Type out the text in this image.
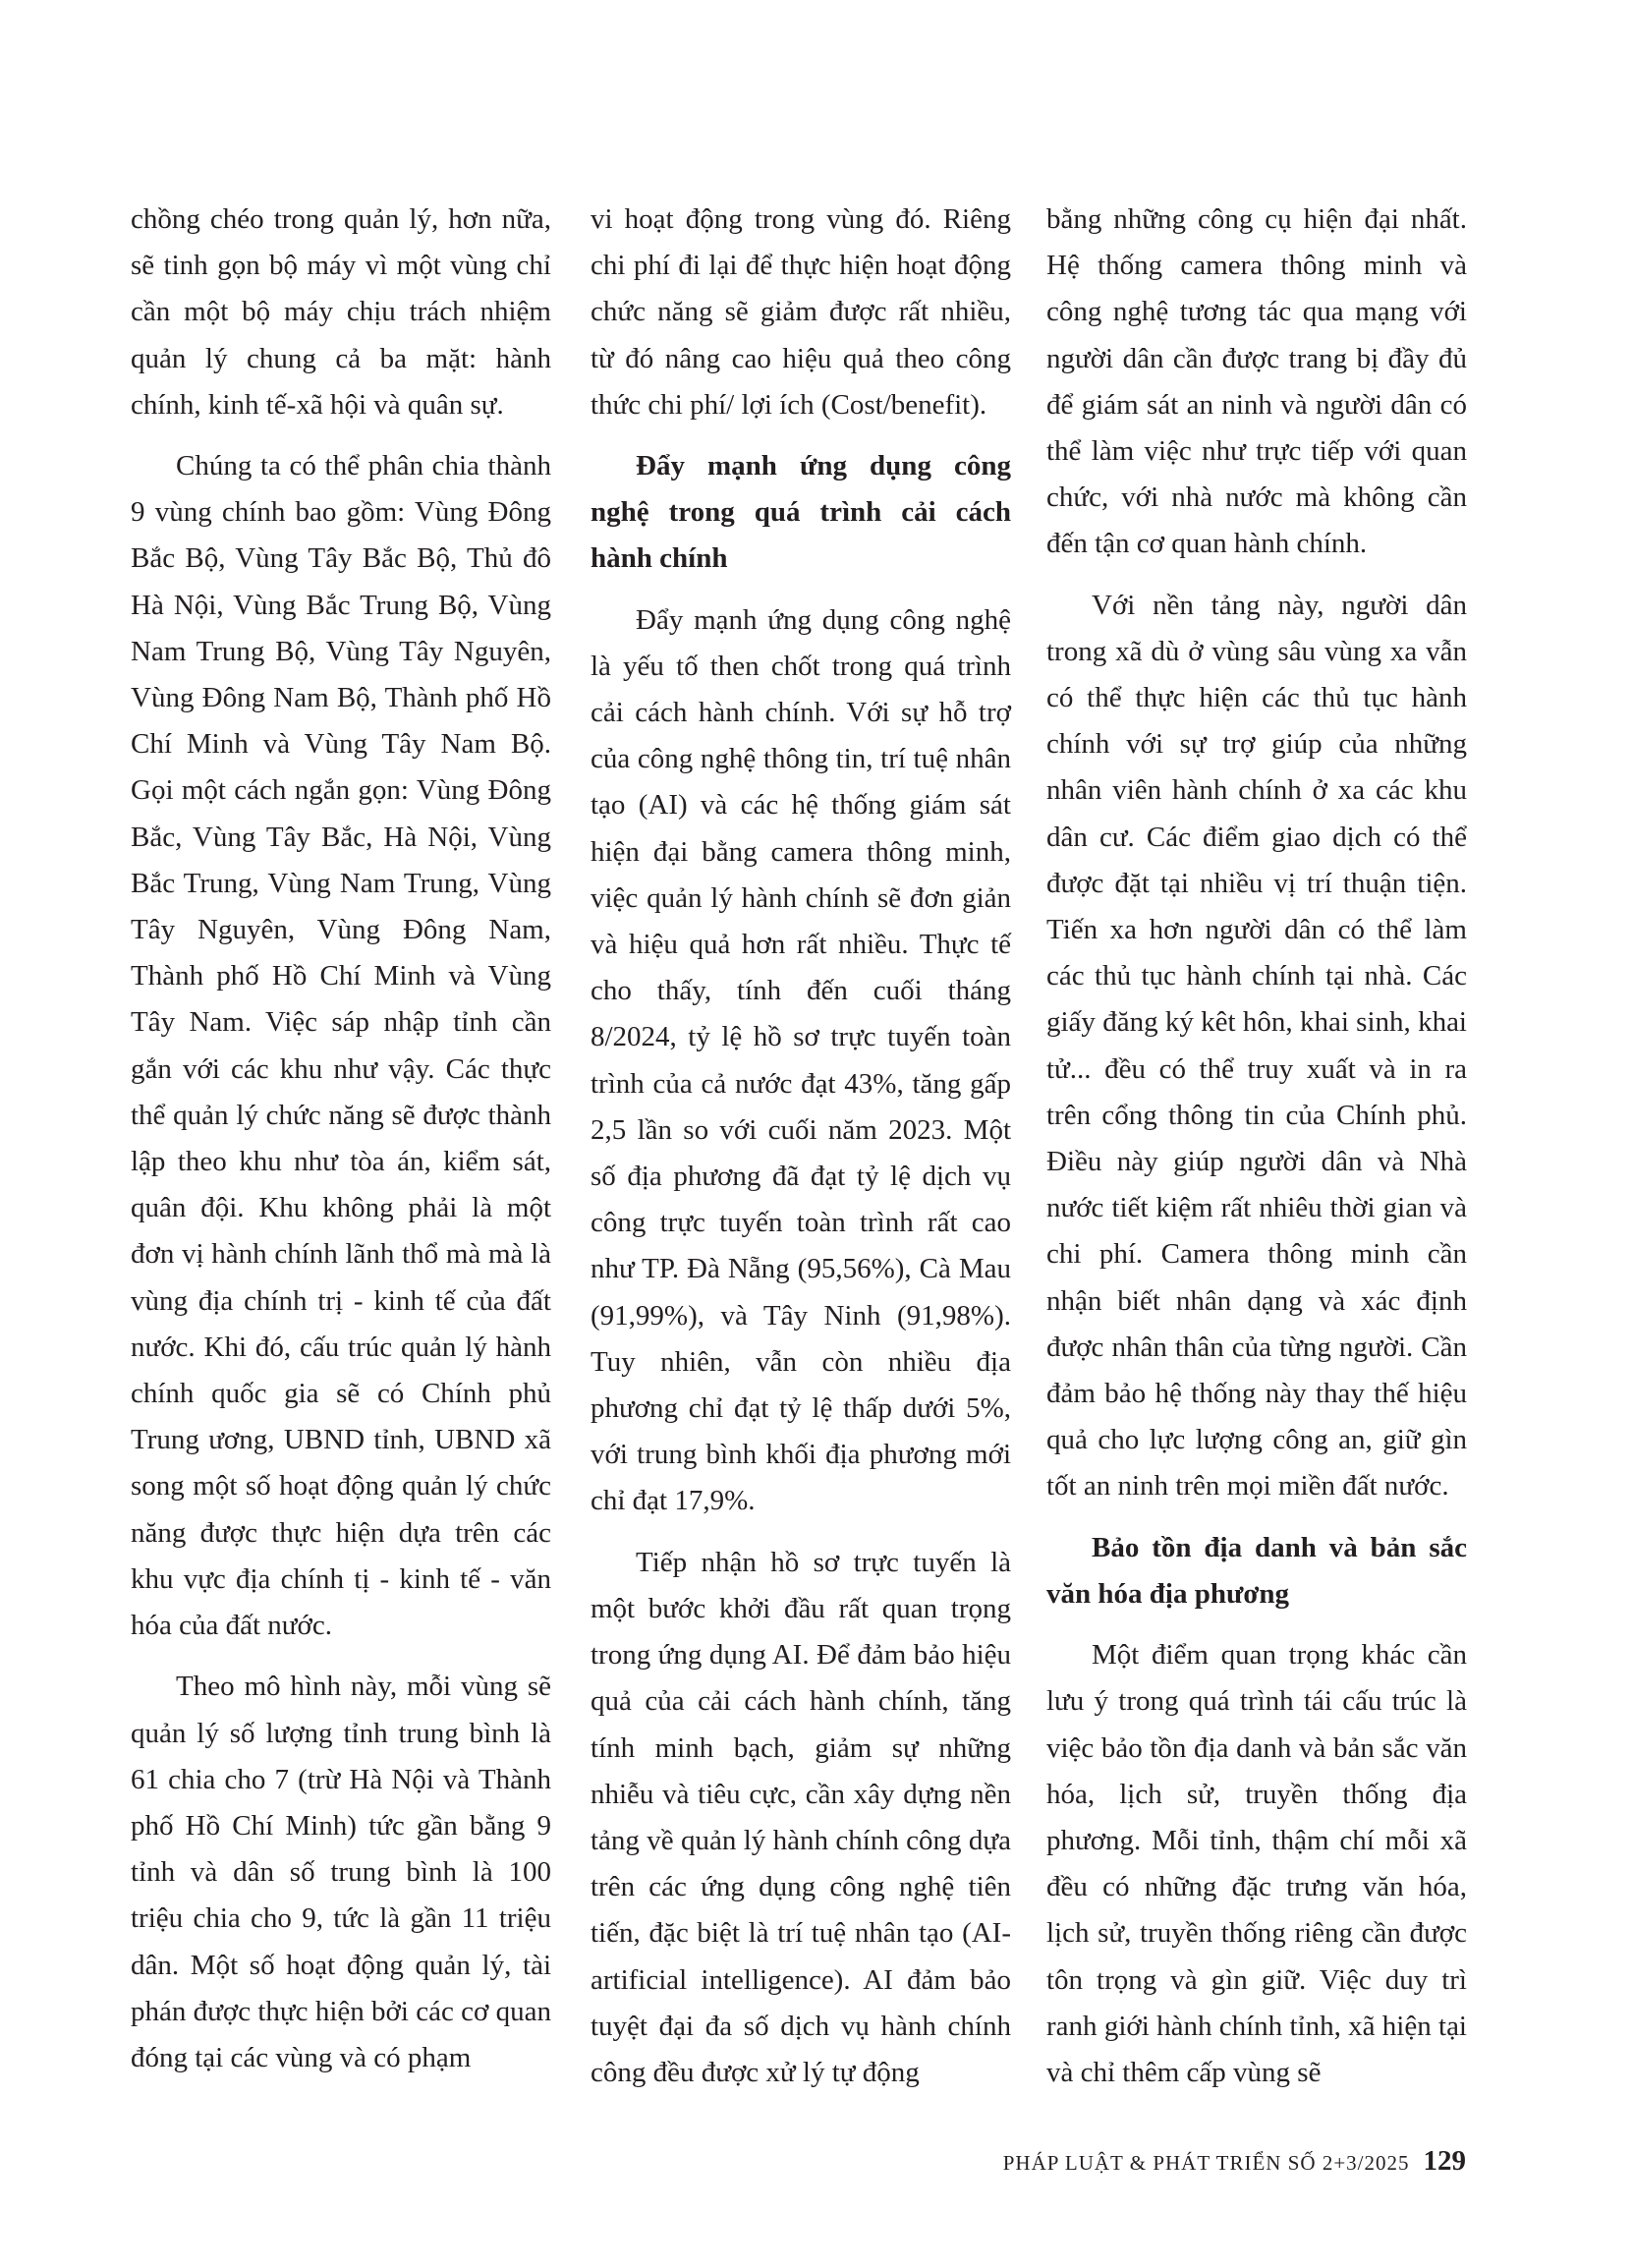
chồng chéo trong quản lý, hơn nữa, sẽ tinh gọn bộ máy vì một vùng chỉ cần một bộ máy chịu trách nhiệm quản lý chung cả ba mặt: hành chính, kinh tế-xã hội và quân sự.

Chúng ta có thể phân chia thành 9 vùng chính bao gồm: Vùng Đông Bắc Bộ, Vùng Tây Bắc Bộ, Thủ đô Hà Nội, Vùng Bắc Trung Bộ, Vùng Nam Trung Bộ, Vùng Tây Nguyên, Vùng Đông Nam Bộ, Thành phố Hồ Chí Minh và Vùng Tây Nam Bộ. Gọi một cách ngắn gọn: Vùng Đông Bắc, Vùng Tây Bắc, Hà Nội, Vùng Bắc Trung, Vùng Nam Trung, Vùng Tây Nguyên, Vùng Đông Nam, Thành phố Hồ Chí Minh và Vùng Tây Nam. Việc sáp nhập tỉnh cần gắn với các khu như vậy. Các thực thể quản lý chức năng sẽ được thành lập theo khu như tòa án, kiểm sát, quân đội. Khu không phải là một đơn vị hành chính lãnh thổ mà mà là vùng địa chính trị - kinh tế của đất nước. Khi đó, cấu trúc quản lý hành chính quốc gia sẽ có Chính phủ Trung ương, UBND tỉnh, UBND xã song một số hoạt động quản lý chức năng được thực hiện dựa trên các khu vực địa chính tị - kinh tế - văn hóa của đất nước.

Theo mô hình này, mỗi vùng sẽ quản lý số lượng tỉnh trung bình là 61 chia cho 7 (trừ Hà Nội và Thành phố Hồ Chí Minh) tức gần bằng 9 tỉnh và dân số trung bình là 100 triệu chia cho 9, tức là gần 11 triệu dân. Một số hoạt động quản lý, tài phán được thực hiện bởi các cơ quan đóng tại các vùng và có phạm

vi hoạt động trong vùng đó. Riêng chi phí đi lại để thực hiện hoạt động chức năng sẽ giảm được rất nhiều, từ đó nâng cao hiệu quả theo công thức chi phí/ lợi ích (Cost/benefit).

Đẩy mạnh ứng dụng công nghệ trong quá trình cải cách hành chính

Đẩy mạnh ứng dụng công nghệ là yếu tố then chốt trong quá trình cải cách hành chính. Với sự hỗ trợ của công nghệ thông tin, trí tuệ nhân tạo (AI) và các hệ thống giám sát hiện đại bằng camera thông minh, việc quản lý hành chính sẽ đơn giản và hiệu quả hơn rất nhiều. Thực tế cho thấy, tính đến cuối tháng 8/2024, tỷ lệ hồ sơ trực tuyến toàn trình của cả nước đạt 43%, tăng gấp 2,5 lần so với cuối năm 2023. Một số địa phương đã đạt tỷ lệ dịch vụ công trực tuyến toàn trình rất cao như TP. Đà Nẵng (95,56%), Cà Mau (91,99%), và Tây Ninh (91,98%). Tuy nhiên, vẫn còn nhiều địa phương chỉ đạt tỷ lệ thấp dưới 5%, với trung bình khối địa phương mới chỉ đạt 17,9%.

Tiếp nhận hồ sơ trực tuyến là một bước khởi đầu rất quan trọng trong ứng dụng AI. Để đảm bảo hiệu quả của cải cách hành chính, tăng tính minh bạch, giảm sự những nhiễu và tiêu cực, cần xây dựng nền tảng về quản lý hành chính công dựa trên các ứng dụng công nghệ tiên tiến, đặc biệt là trí tuệ nhân tạo (AI- artificial intelligence). AI đảm bảo tuyệt đại đa số dịch vụ hành chính công đều được xử lý tự động

bằng những công cụ hiện đại nhất. Hệ thống camera thông minh và công nghệ tương tác qua mạng với người dân cần được trang bị đầy đủ để giám sát an ninh và người dân có thể làm việc như trực tiếp với quan chức, với nhà nước mà không cần đến tận cơ quan hành chính.

Với nền tảng này, người dân trong xã dù ở vùng sâu vùng xa vẫn có thể thực hiện các thủ tục hành chính với sự trợ giúp của những nhân viên hành chính ở xa các khu dân cư. Các điểm giao dịch có thể được đặt tại nhiều vị trí thuận tiện. Tiến xa hơn người dân có thể làm các thủ tục hành chính tại nhà. Các giấy đăng ký kêt hôn, khai sinh, khai tử... đều có thể truy xuất và in ra trên cổng thông tin của Chính phủ. Điều này giúp người dân và Nhà nước tiết kiệm rất nhiêu thời gian và chi phí. Camera thông minh cần nhận biết nhân dạng và xác định được nhân thân của từng người. Cần đảm bảo hệ thống này thay thế hiệu quả cho lực lượng công an, giữ gìn tốt an ninh trên mọi miền đất nước.

Bảo tồn địa danh và bản sắc văn hóa địa phương

Một điểm quan trọng khác cần lưu ý trong quá trình tái cấu trúc là việc bảo tồn địa danh và bản sắc văn hóa, lịch sử, truyền thống địa phương. Mỗi tỉnh, thậm chí mỗi xã đều có những đặc trưng văn hóa, lịch sử, truyền thống riêng cần được tôn trọng và gìn giữ. Việc duy trì ranh giới hành chính tỉnh, xã hiện tại và chỉ thêm cấp vùng sẽ

PHÁP LUẬT & PHÁT TRIỂN SỐ 2+3/2025 129
